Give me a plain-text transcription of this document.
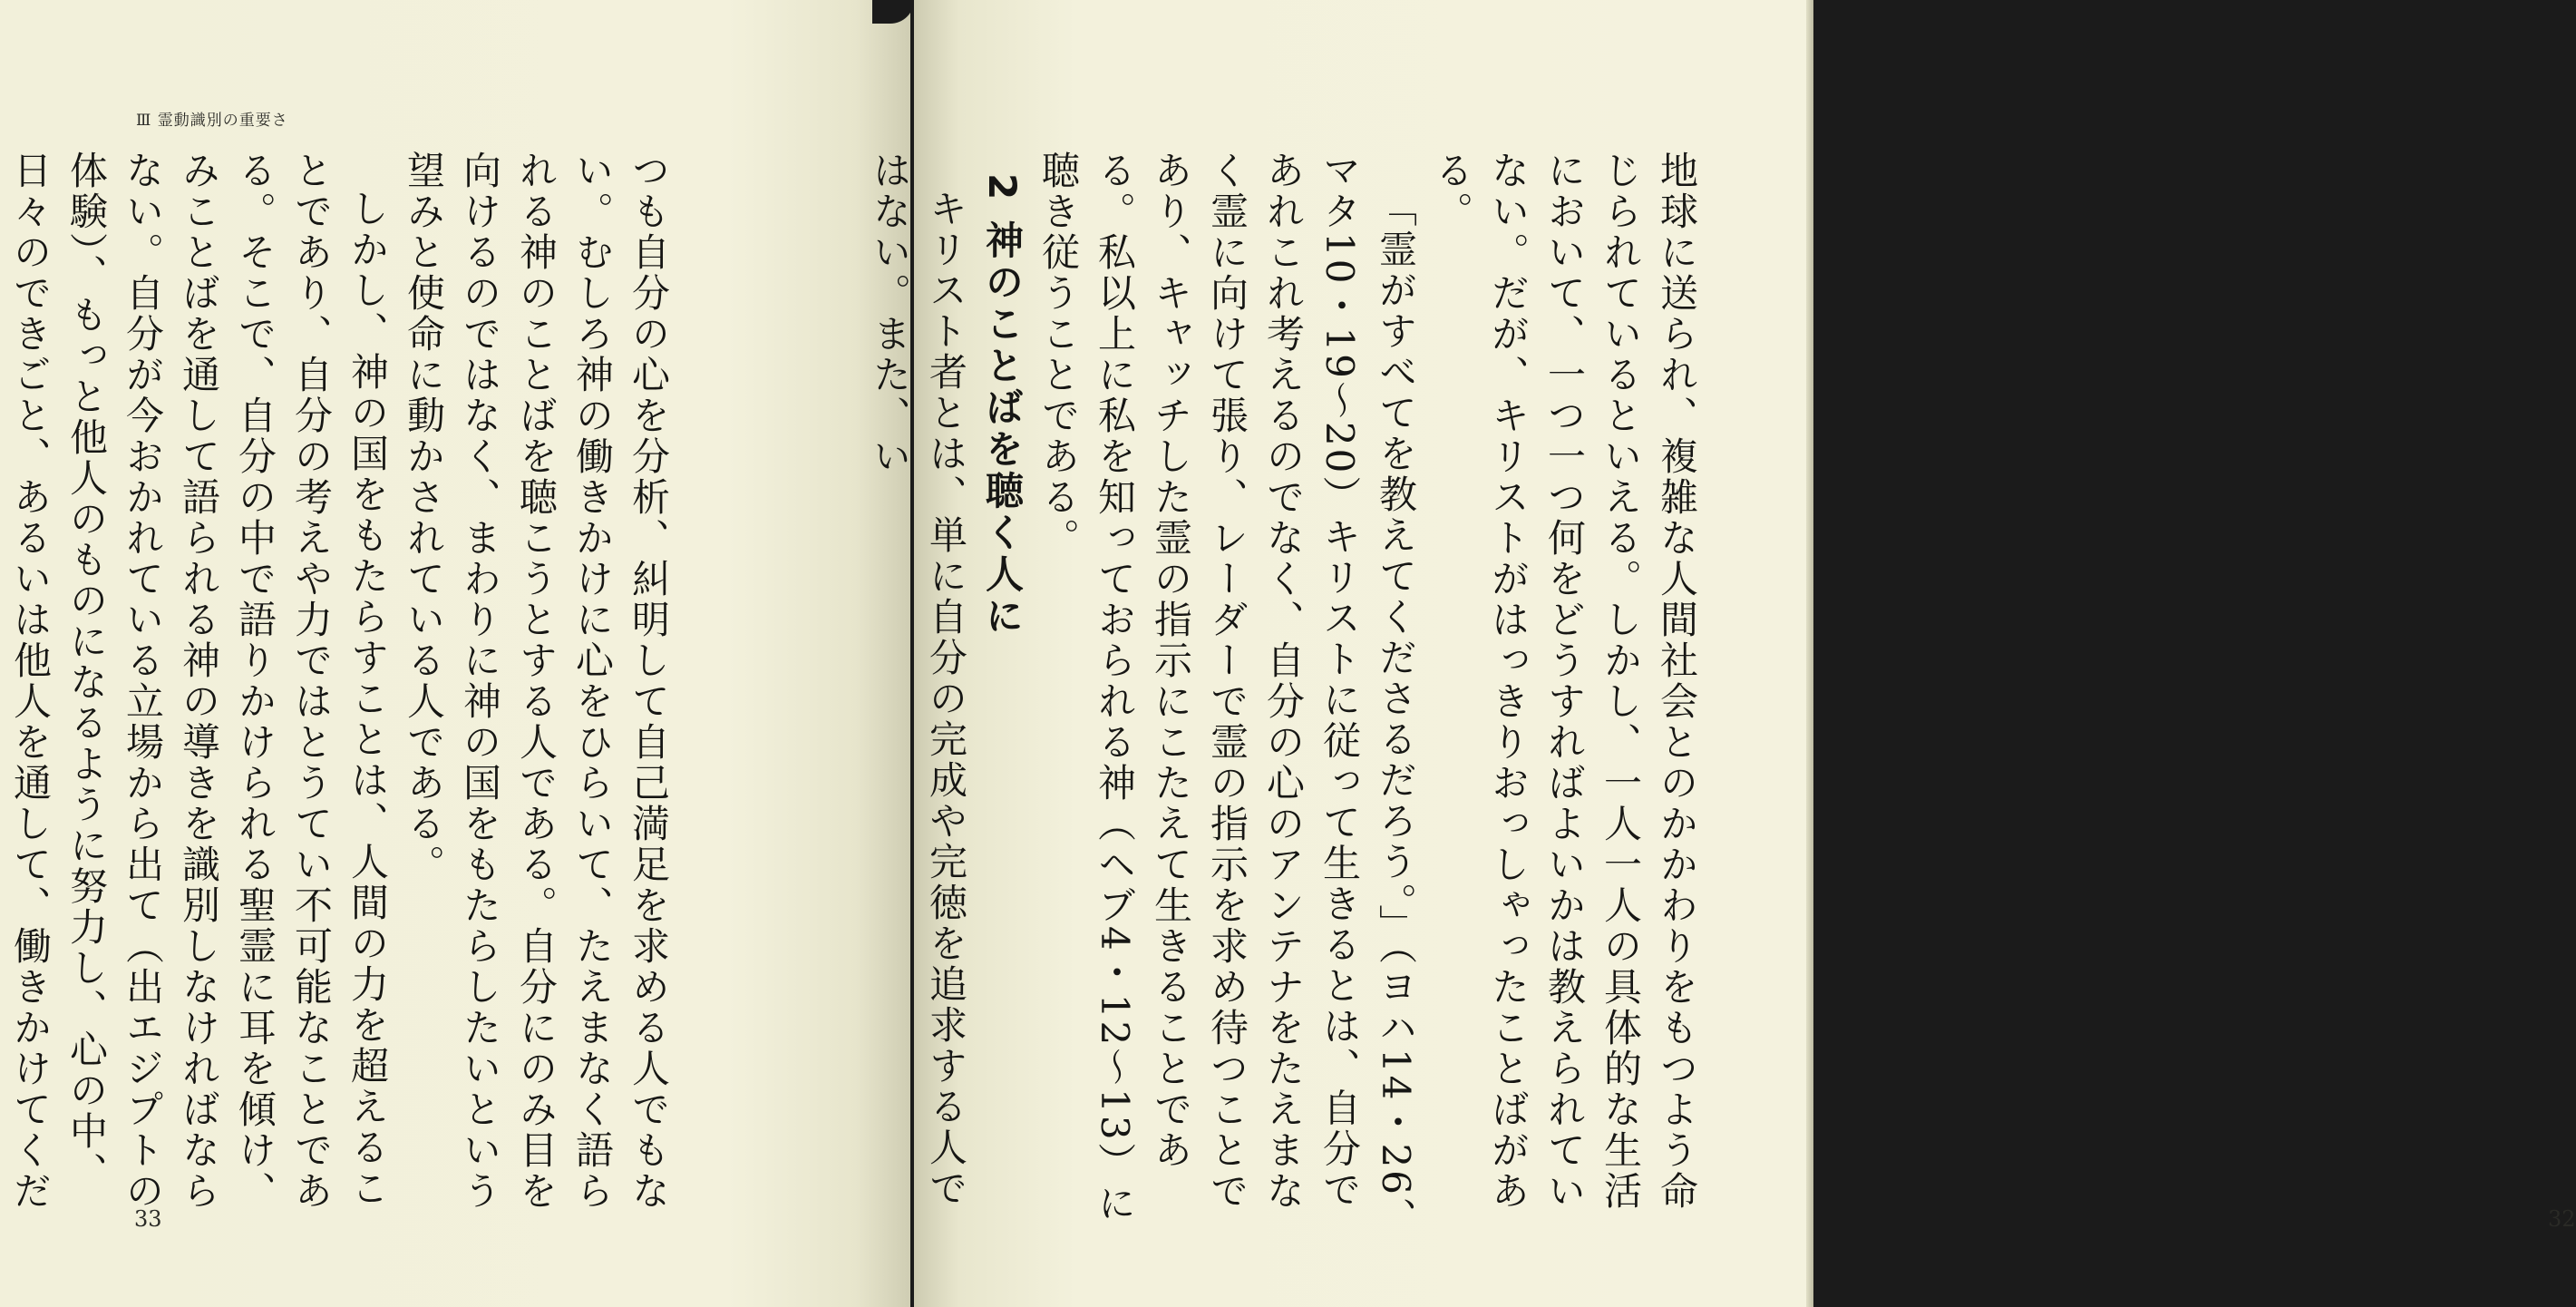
Ⅲ 霊動識別の重要さ

つも自分の心を分析、糾明して自己満足を求める人でもない。むしろ神の働きかけに心をひらいて、たえまなく語られる神のことばを聴こうとする人である。自分にのみ目を向けるのではなく、まわりに神の国をもたらしたいという望みと使命に動かされている人である。

しかし、神の国をもたらすことは、人間の力を超えることであり、自分の考えや力ではとうてい不可能なことである。そこで、自分の中で語りかけられる聖霊に耳を傾け、みことばを通して語られる神の導きを識別しなければならない。自分が今おかれている立場から出て（出エジプトの体験）、もっと他人のものになるように努力し、心の中、日々のできごと、あるいは他人を通して、働きかけてくだ

33

地球に送られ、複雑な人間社会とのかかわりをもつよう命じられているといえる。しかし、一人一人の具体的な生活において、一つ一つ何をどうすればよいかは教えられていない。だが、キリストがはっきりおっしゃったことばがある。

「霊がすべてを教えてくださるだろう。」（ヨハ14・26、マタ10・19〜20）キリストに従って生きるとは、自分であれこれ考えるのでなく、自分の心のアンテナをたえまなく霊に向けて張り、レーダーで霊の指示を求め待つことであり、キャッチした霊の指示にこたえて生きることである。私以上に私を知っておられる神（ヘブ4・12〜13）に聴き従うことである。

2 神のことばを聴く人に

キリスト者とは、単に自分の完成や完徳を追求する人ではない。また、い

32
